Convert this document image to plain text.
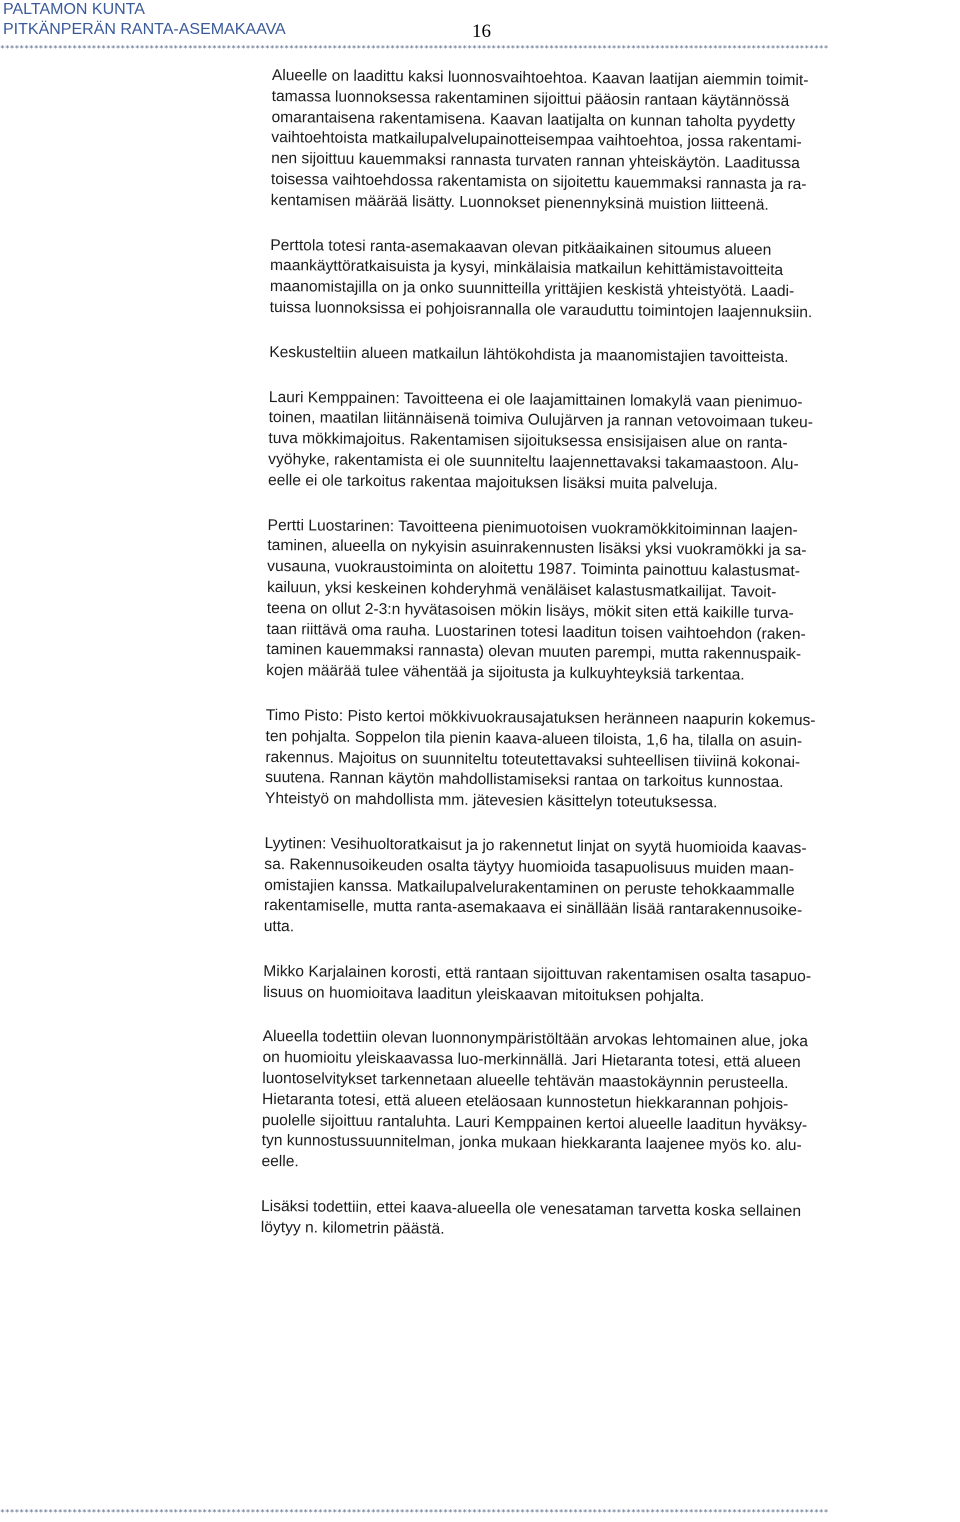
PALTAMON KUNTA
PITKÄNPERÄN RANTA-ASEMAKAAVA	16
****************************************************************************************************************************************************************************

Alueelle on laadittu kaksi luonnosvaihtoehtoa. Kaavan laatijan aiemmin toimit-
tamassa luonnoksessa rakentaminen sijoittui pääosin rantaan käytännössä
omarantaisena rakentamisena. Kaavan laatijalta on kunnan taholta pyydetty
vaihtoehtoista matkailupalvelupainotteisempaa vaihtoehtoa, jossa rakentami-
nen sijoittuu kauemmaksi rannasta turvaten rannan yhteiskäytön. Laaditussa
toisessa vaihtoehdossa rakentamista on sijoitettu kauemmaksi rannasta ja ra-
kentamisen määrää lisätty. Luonnokset pienennyksinä muistion liitteenä.

Perttola totesi ranta-asemakaavan olevan pitkäaikainen sitoumus alueen
maankäyttöratkaisuista ja kysyi, minkälaisia matkailun kehittämistavoitteita
maanomistajilla on ja onko suunnitteilla yrittäjien keskistä yhteistyötä. Laadi-
tuissa luonnoksissa ei pohjoisrannalla ole varauduttu toimintojen laajennuksiin.

Keskusteltiin alueen matkailun lähtökohdista ja maanomistajien tavoitteista.

Lauri Kemppainen: Tavoitteena ei ole laajamittainen lomakylä vaan pienimuo-
toinen, maatilan liitännäisenä toimiva Oulujärven ja rannan vetovoimaan tukeu-
tuva mökkimajoitus. Rakentamisen sijoituksessa ensisijaisen alue on ranta-
vyöhyke, rakentamista ei ole suunniteltu laajennettavaksi takamaastoon. Alu-
eelle ei ole tarkoitus rakentaa majoituksen lisäksi muita palveluja.

Pertti Luostarinen: Tavoitteena pienimuotoisen vuokramökkitoiminnan laajen-
taminen, alueella on nykyisin asuinrakennusten lisäksi yksi vuokramökki ja sa-
vusauna, vuokraustoiminta on aloitettu 1987. Toiminta painottuu kalastusmat-
kailuun, yksi keskeinen kohderyhmä venäläiset kalastusmatkailijat. Tavoit-
teena on ollut 2-3:n hyvätasoisen mökin lisäys, mökit siten että kaikille turva-
taan riittävä oma rauha. Luostarinen totesi laaditun toisen vaihtoehdon (raken-
taminen kauemmaksi rannasta) olevan muuten parempi, mutta rakennuspaik-
kojen määrää tulee vähentää ja sijoitusta ja kulkuyhteyksiä tarkentaa.

Timo Pisto: Pisto kertoi mökkivuokrausajatuksen heränneen naapurin kokemus-
ten pohjalta. Soppelon tila pienin kaava-alueen tiloista, 1,6 ha, tilalla on asuin-
rakennus. Majoitus on suunniteltu toteutettavaksi suhteellisen tiiviinä kokonai-
suutena. Rannan käytön mahdollistamiseksi rantaa on tarkoitus kunnostaa.
Yhteistyö on mahdollista mm. jätevesien käsittelyn toteutuksessa.

Lyytinen: Vesihuoltoratkaisut ja jo rakennetut linjat on syytä huomioida kaavas-
sa. Rakennusoikeuden osalta täytyy huomioida tasapuolisuus muiden maan-
omistajien kanssa. Matkailupalvelurakentaminen on peruste tehokkaammalle
rakentamiselle, mutta ranta-asemakaava ei sinällään lisää rantarakennusoike-
utta.

Mikko Karjalainen korosti, että rantaan sijoittuvan rakentamisen osalta tasapuo-
lisuus on huomioitava laaditun yleiskaavan mitoituksen pohjalta.

Alueella todettiin olevan luonnonympäristöltään arvokas lehtomainen alue, joka
on huomioitu yleiskaavassa luo-merkinnällä. Jari Hietaranta totesi, että alueen
luontoselvitykset tarkennetaan alueelle tehtävän maastokäynnin perusteella.
Hietaranta totesi, että alueen eteläosaan kunnostetun hiekkarannan pohjois-
puolelle sijoittuu rantaluhta. Lauri Kemppainen kertoi alueelle laaditun hyväksy-
tyn kunnostussuunnitelman, jonka mukaan hiekkaranta laajenee myös ko. alu-
eelle.

Lisäksi todettiin, ettei kaava-alueella ole venesataman tarvetta koska sellainen
löytyy n. kilometrin päästä.

****************************************************************************************************************************************************************************
